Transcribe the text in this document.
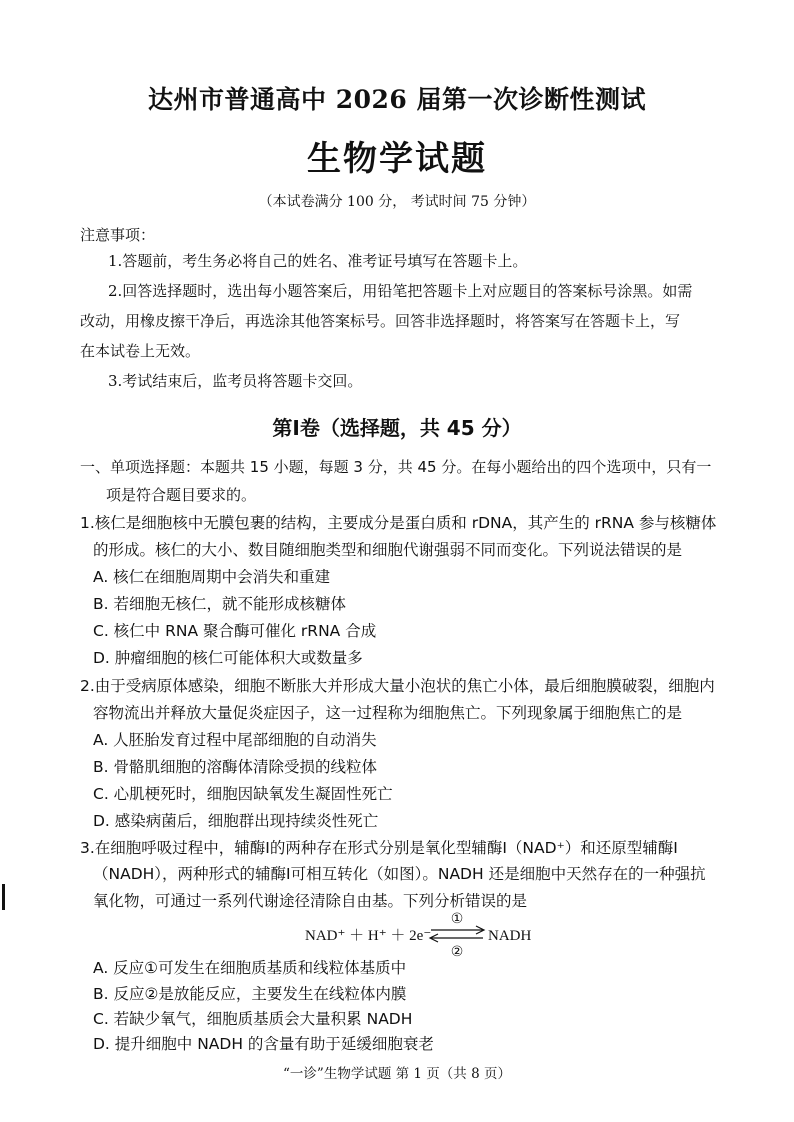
达州市普通高中 2026 届第一次诊断性测试
生物学试题
（本试卷满分 100 分， 考试时间 75 分钟）
注意事项：
1.答题前，考生务必将自己的姓名、准考证号填写在答题卡上。
2.回答选择题时，选出每小题答案后，用铅笔把答题卡上对应题目的答案标号涂黑。如需
改动，用橡皮擦干净后，再选涂其他答案标号。回答非选择题时，将答案写在答题卡上，写
在本试卷上无效。
3.考试结束后，监考员将答题卡交回。
第Ⅰ卷（选择题，共 45 分）
一、单项选择题：本题共 15 小题，每题 3 分，共 45 分。在每小题给出的四个选项中，只有一
项是符合题目要求的。
1.核仁是细胞核中无膜包裹的结构，主要成分是蛋白质和 rDNA，其产生的 rRNA 参与核糖体
的形成。核仁的大小、数目随细胞类型和细胞代谢强弱不同而变化。下列说法错误的是
A. 核仁在细胞周期中会消失和重建
B. 若细胞无核仁，就不能形成核糖体
C. 核仁中 RNA 聚合酶可催化 rRNA 合成
D. 肿瘤细胞的核仁可能体积大或数量多
2.由于受病原体感染，细胞不断胀大并形成大量小泡状的焦亡小体，最后细胞膜破裂，细胞内
容物流出并释放大量促炎症因子，这一过程称为细胞焦亡。下列现象属于细胞焦亡的是
A. 人胚胎发育过程中尾部细胞的自动消失
B. 骨骼肌细胞的溶酶体清除受损的线粒体
C. 心肌梗死时，细胞因缺氧发生凝固性死亡
D. 感染病菌后，细胞群出现持续炎性死亡
3.在细胞呼吸过程中，辅酶Ⅰ的两种存在形式分别是氧化型辅酶Ⅰ（NAD⁺）和还原型辅酶Ⅰ
（NADH），两种形式的辅酶Ⅰ可相互转化（如图）。NADH 还是细胞中天然存在的一种强抗
氧化物，可通过一系列代谢途径清除自由基。下列分析错误的是
NAD⁺ ＋ H⁺ ＋ 2e⁻
①
②
NADH
A. 反应①可发生在细胞质基质和线粒体基质中
B. 反应②是放能反应，主要发生在线粒体内膜
C. 若缺少氧气，细胞质基质会大量积累 NADH
D. 提升细胞中 NADH 的含量有助于延缓细胞衰老
“一诊”生物学试题 第 1 页（共 8 页）
